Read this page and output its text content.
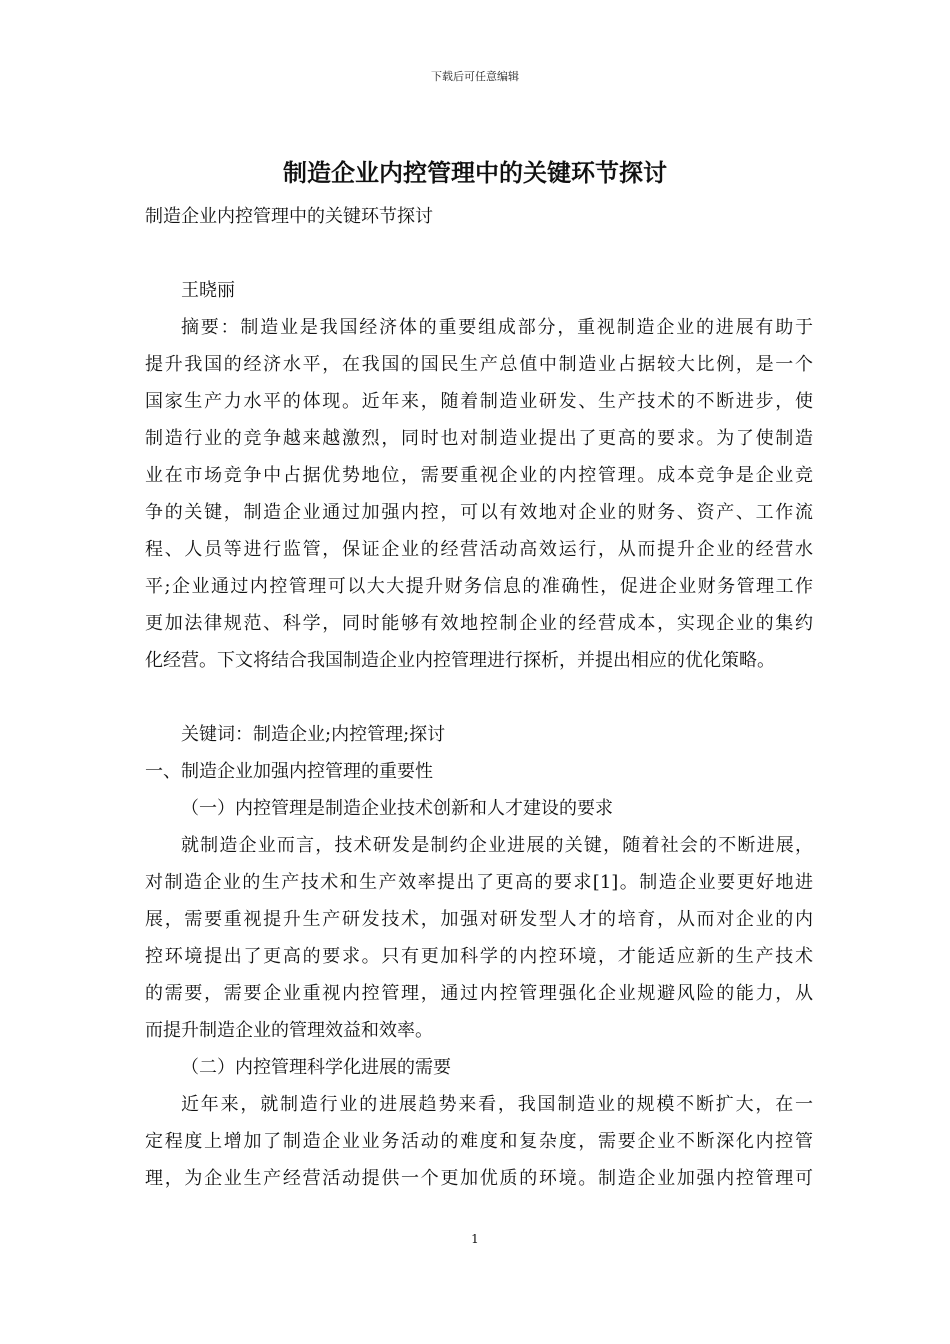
下载后可任意编辑
制造企业内控管理中的关键环节探讨
制造企业内控管理中的关键环节探讨
王晓丽
摘要：制造业是我国经济体的重要组成部分，重视制造企业的进展有助于
提升我国的经济水平，在我国的国民生产总值中制造业占据较大比例，是一个
国家生产力水平的体现。近年来，随着制造业研发、生产技术的不断进步，使
制造行业的竞争越来越激烈，同时也对制造业提出了更高的要求。为了使制造
业在市场竞争中占据优势地位，需要重视企业的内控管理。成本竞争是企业竞
争的关键，制造企业通过加强内控，可以有效地对企业的财务、资产、工作流
程、人员等进行监管，保证企业的经营活动高效运行，从而提升企业的经营水
平;企业通过内控管理可以大大提升财务信息的准确性，促进企业财务管理工作
更加法律规范、科学，同时能够有效地控制企业的经营成本，实现企业的集约
化经营。下文将结合我国制造企业内控管理进行探析，并提出相应的优化策略。
关键词：制造企业;内控管理;探讨
一、制造企业加强内控管理的重要性
（一）内控管理是制造企业技术创新和人才建设的要求
就制造企业而言，技术研发是制约企业进展的关键，随着社会的不断进展，
对制造企业的生产技术和生产效率提出了更高的要求[1]。制造企业要更好地进
展，需要重视提升生产研发技术，加强对研发型人才的培育，从而对企业的内
控环境提出了更高的要求。只有更加科学的内控环境，才能适应新的生产技术
的需要，需要企业重视内控管理，通过内控管理强化企业规避风险的能力，从
而提升制造企业的管理效益和效率。
（二）内控管理科学化进展的需要
近年来，就制造行业的进展趋势来看，我国制造业的规模不断扩大，在一
定程度上增加了制造企业业务活动的难度和复杂度，需要企业不断深化内控管
理，为企业生产经营活动提供一个更加优质的环境。制造企业加强内控管理可
1
